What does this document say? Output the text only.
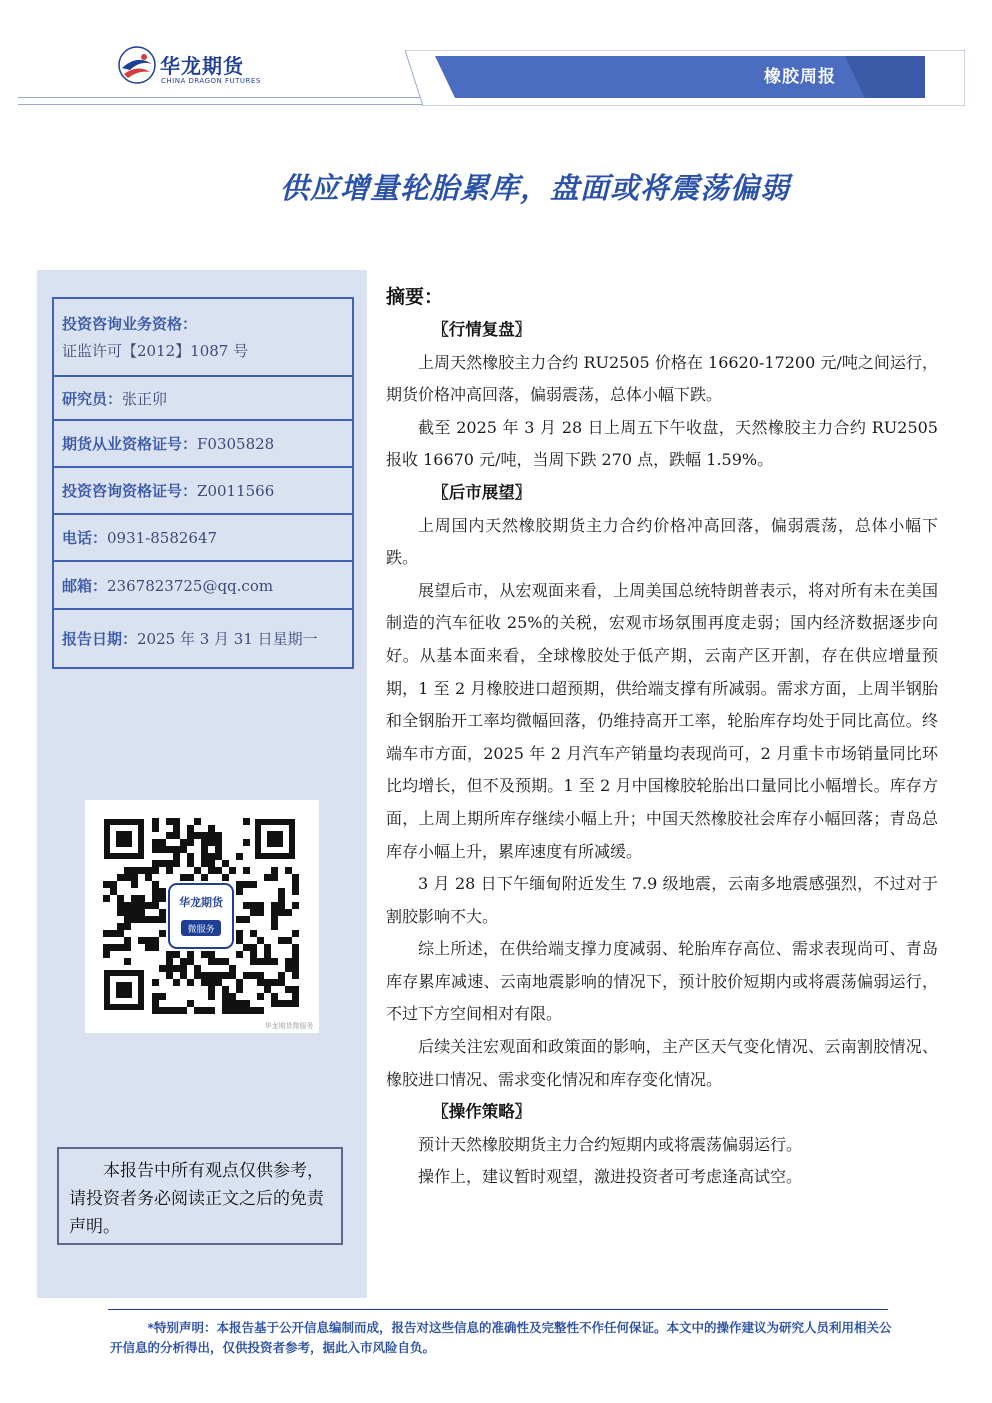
华龙期货
CHINA DRAGON FUTURES	橡胶周报
供应增量轮胎累库，盘面或将震荡偏弱
投资咨询业务资格：
证监许可【2012】1087 号
研究员：张正卯
期货从业资格证号：F0305828
投资咨询资格证号：Z0011566
电话：0931-8582647
邮箱：2367823725@qq.com
报告日期：2025 年 3 月 31 日星期一
华龙期货
微服务
华龙期货微服务
本报告中所有观点仅供参考，请投资者务必阅读正文之后的免责声明。
摘要：

〖行情复盘〗

上周天然橡胶主力合约 RU2505 价格在 16620-17200 元/吨之间运行，期货价格冲高回落，偏弱震荡，总体小幅下跌。

截至 2025 年 3 月 28 日上周五下午收盘，天然橡胶主力合约 RU2505 报收 16670 元/吨，当周下跌 270 点，跌幅 1.59%。

〖后市展望〗

上周国内天然橡胶期货主力合约价格冲高回落，偏弱震荡，总体小幅下跌。

展望后市，从宏观面来看，上周美国总统特朗普表示，将对所有未在美国制造的汽车征收 25%的关税，宏观市场氛围再度走弱；国内经济数据逐步向好。从基本面来看，全球橡胶处于低产期，云南产区开割，存在供应增量预期，1 至 2 月橡胶进口超预期，供给端支撑有所减弱。需求方面，上周半钢胎和全钢胎开工率均微幅回落，仍维持高开工率，轮胎库存均处于同比高位。终端车市方面，2025 年 2 月汽车产销量均表现尚可，2 月重卡市场销量同比环比均增长，但不及预期。1 至 2 月中国橡胶轮胎出口量同比小幅增长。库存方面，上周上期所库存继续小幅上升；中国天然橡胶社会库存小幅回落；青岛总库存小幅上升，累库速度有所减缓。

3 月 28 日下午缅甸附近发生 7.9 级地震，云南多地震感强烈，不过对于割胶影响不大。

综上所述，在供给端支撑力度减弱、轮胎库存高位、需求表现尚可、青岛库存累库减速、云南地震影响的情况下，预计胶价短期内或将震荡偏弱运行，不过下方空间相对有限。

后续关注宏观面和政策面的影响，主产区天气变化情况、云南割胶情况、橡胶进口情况、需求变化情况和库存变化情况。

〖操作策略〗

预计天然橡胶期货主力合约短期内或将震荡偏弱运行。

操作上，建议暂时观望，激进投资者可考虑逢高试空。

*特别声明：本报告基于公开信息编制而成，报告对这些信息的准确性及完整性不作任何保证。本文中的操作建议为研究人员利用相关公开信息的分析得出，仅供投资者参考，据此入市风险自负。
